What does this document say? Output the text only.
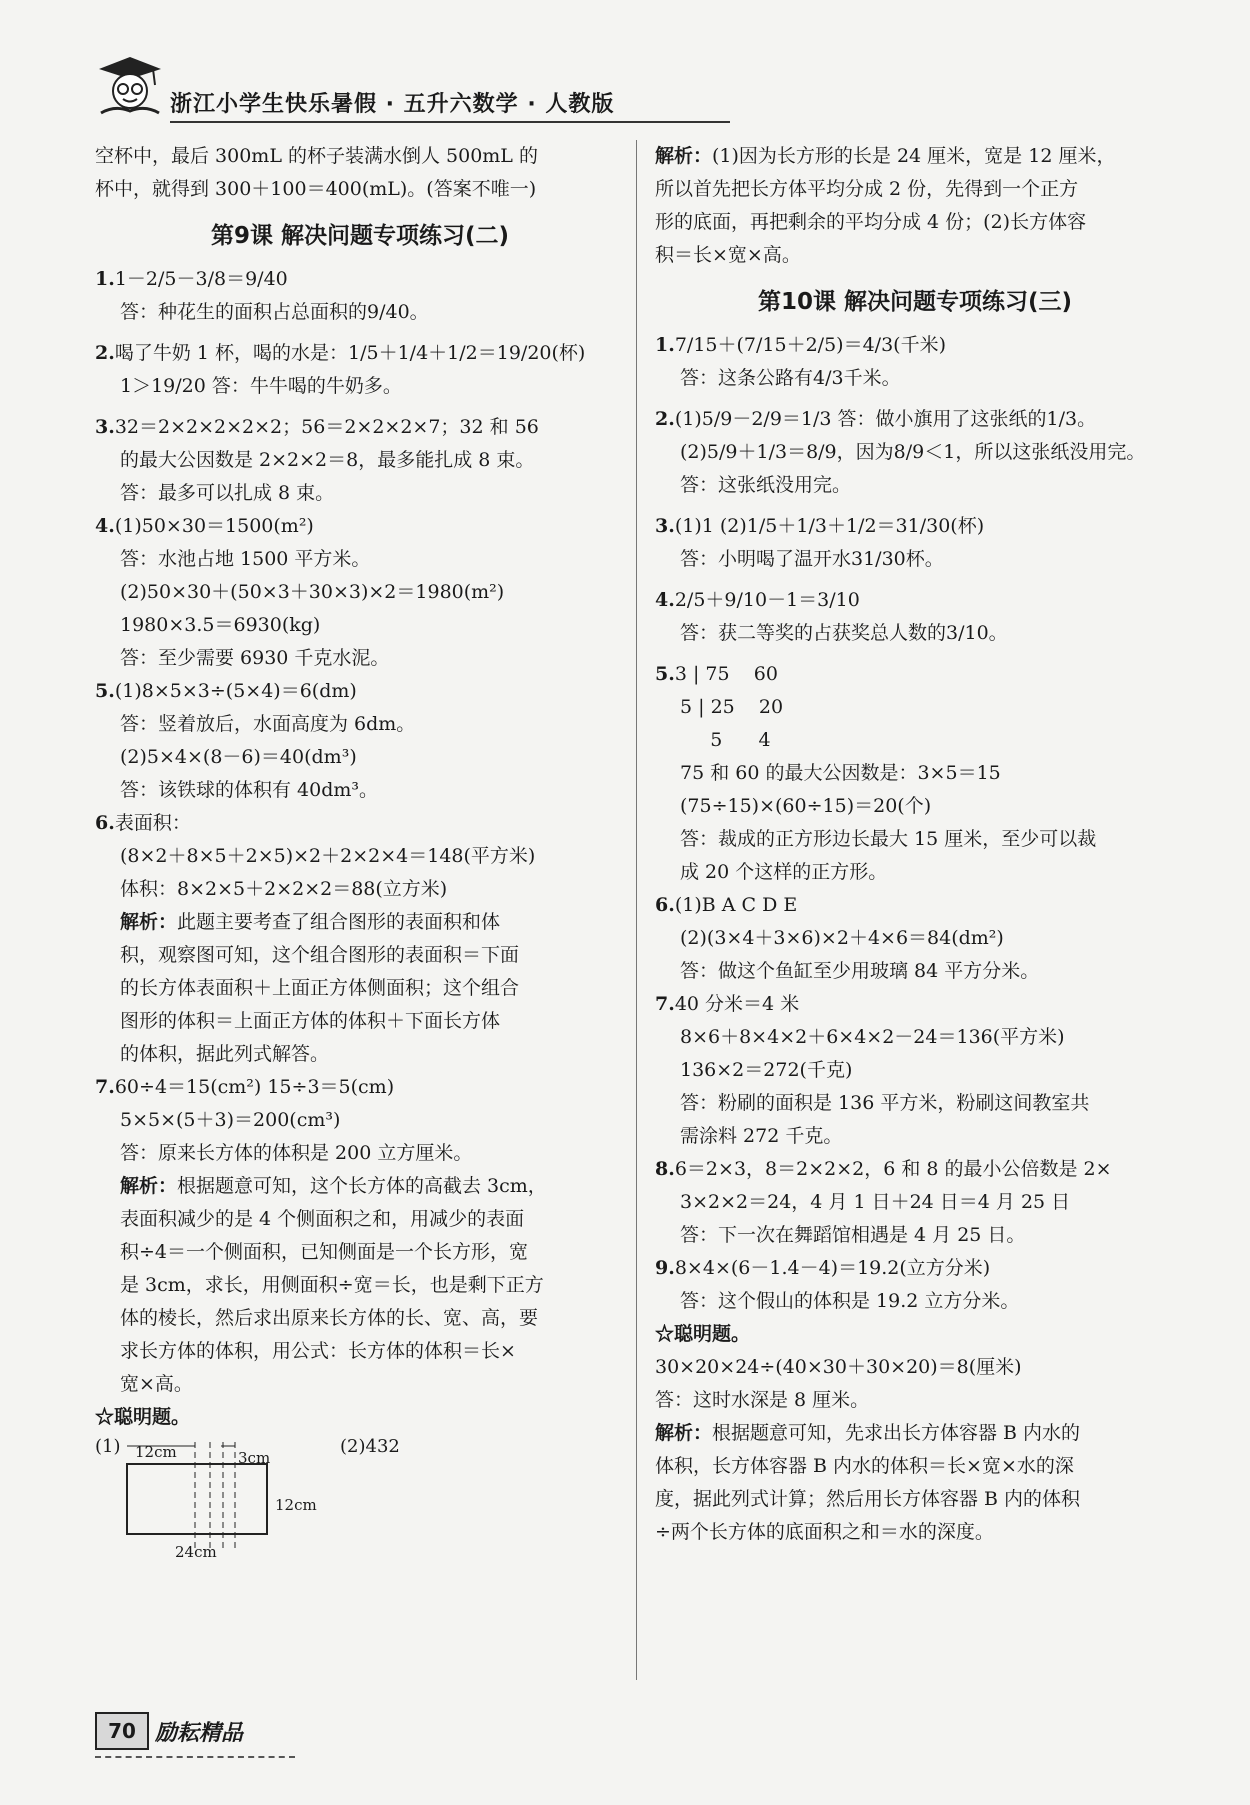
浙江小学生快乐暑假 · 五升六数学 · 人教版
空杯中，最后 300mL 的杯子装满水倒人 500mL 的
杯中，就得到 300＋100＝400(mL)。(答案不唯一)
第9课 解决问题专项练习(二)
1.1－2/5－3/8＝9/40
答：种花生的面积占总面积的9/40。
2.喝了牛奶 1 杯，喝的水是：1/5＋1/4＋1/2＝19/20(杯)
1＞19/20 答：牛牛喝的牛奶多。
3.32＝2×2×2×2×2；56＝2×2×2×7；32 和 56
的最大公因数是 2×2×2＝8，最多能扎成 8 束。
答：最多可以扎成 8 束。
4.(1)50×30＝1500(m²)
答：水池占地 1500 平方米。
(2)50×30＋(50×3＋30×3)×2＝1980(m²)
1980×3.5＝6930(kg)
答：至少需要 6930 千克水泥。
5.(1)8×5×3÷(5×4)＝6(dm)
答：竖着放后，水面高度为 6dm。
(2)5×4×(8－6)＝40(dm³)
答：该铁球的体积有 40dm³。
6.表面积：
(8×2＋8×5＋2×5)×2＋2×2×4＝148(平方米)
体积：8×2×5＋2×2×2＝88(立方米)
解析：此题主要考查了组合图形的表面积和体
积，观察图可知，这个组合图形的表面积＝下面
的长方体表面积＋上面正方体侧面积；这个组合
图形的体积＝上面正方体的体积＋下面长方体
的体积，据此列式解答。
7.60÷4＝15(cm²) 15÷3＝5(cm)
5×5×(5＋3)＝200(cm³)
答：原来长方体的体积是 200 立方厘米。
解析：根据题意可知，这个长方体的高截去 3cm，
表面积减少的是 4 个侧面积之和，用减少的表面
积÷4＝一个侧面积，已知侧面是一个长方形，宽
是 3cm，求长，用侧面积÷宽＝长，也是剩下正方
体的棱长，然后求出原来长方体的长、宽、高，要
求长方体的体积，用公式：长方体的体积＝长×
宽×高。
☆聪明题。
(1)	(2)432
12cm	3cm
12cm
24cm
解析：(1)因为长方形的长是 24 厘米，宽是 12 厘米，
所以首先把长方体平均分成 2 份，先得到一个正方
形的底面，再把剩余的平均分成 4 份；(2)长方体容
积＝长×宽×高。
第10课 解决问题专项练习(三)
1.7/15＋(7/15＋2/5)＝4/3(千米)
答：这条公路有4/3千米。
2.(1)5/9－2/9＝1/3 答：做小旗用了这张纸的1/3。
(2)5/9＋1/3＝8/9，因为8/9＜1，所以这张纸没用完。
答：这张纸没用完。
3.(1)1 (2)1/5＋1/3＋1/2＝31/30(杯)
答：小明喝了温开水31/30杯。
4.2/5＋9/10－1＝3/10
答：获二等奖的占获奖总人数的3/10。
5.3 | 75    60
5 | 25    20
5      4
75 和 60 的最大公因数是：3×5＝15
(75÷15)×(60÷15)＝20(个)
答：裁成的正方形边长最大 15 厘米，至少可以裁
成 20 个这样的正方形。
6.(1)B A C D E
(2)(3×4＋3×6)×2＋4×6＝84(dm²)
答：做这个鱼缸至少用玻璃 84 平方分米。
7.40 分米＝4 米
8×6＋8×4×2＋6×4×2－24＝136(平方米)
136×2＝272(千克)
答：粉刷的面积是 136 平方米，粉刷这间教室共
需涂料 272 千克。
8.6＝2×3，8＝2×2×2，6 和 8 的最小公倍数是 2×
3×2×2＝24，4 月 1 日＋24 日＝4 月 25 日
答：下一次在舞蹈馆相遇是 4 月 25 日。
9.8×4×(6－1.4－4)＝19.2(立方分米)
答：这个假山的体积是 19.2 立方分米。
☆聪明题。
30×20×24÷(40×30＋30×20)＝8(厘米)
答：这时水深是 8 厘米。
解析：根据题意可知，先求出长方体容器 B 内水的
体积，长方体容器 B 内水的体积＝长×宽×水的深
度，据此列式计算；然后用长方体容器 B 内的体积
÷两个长方体的底面积之和＝水的深度。
70 励耘精品
